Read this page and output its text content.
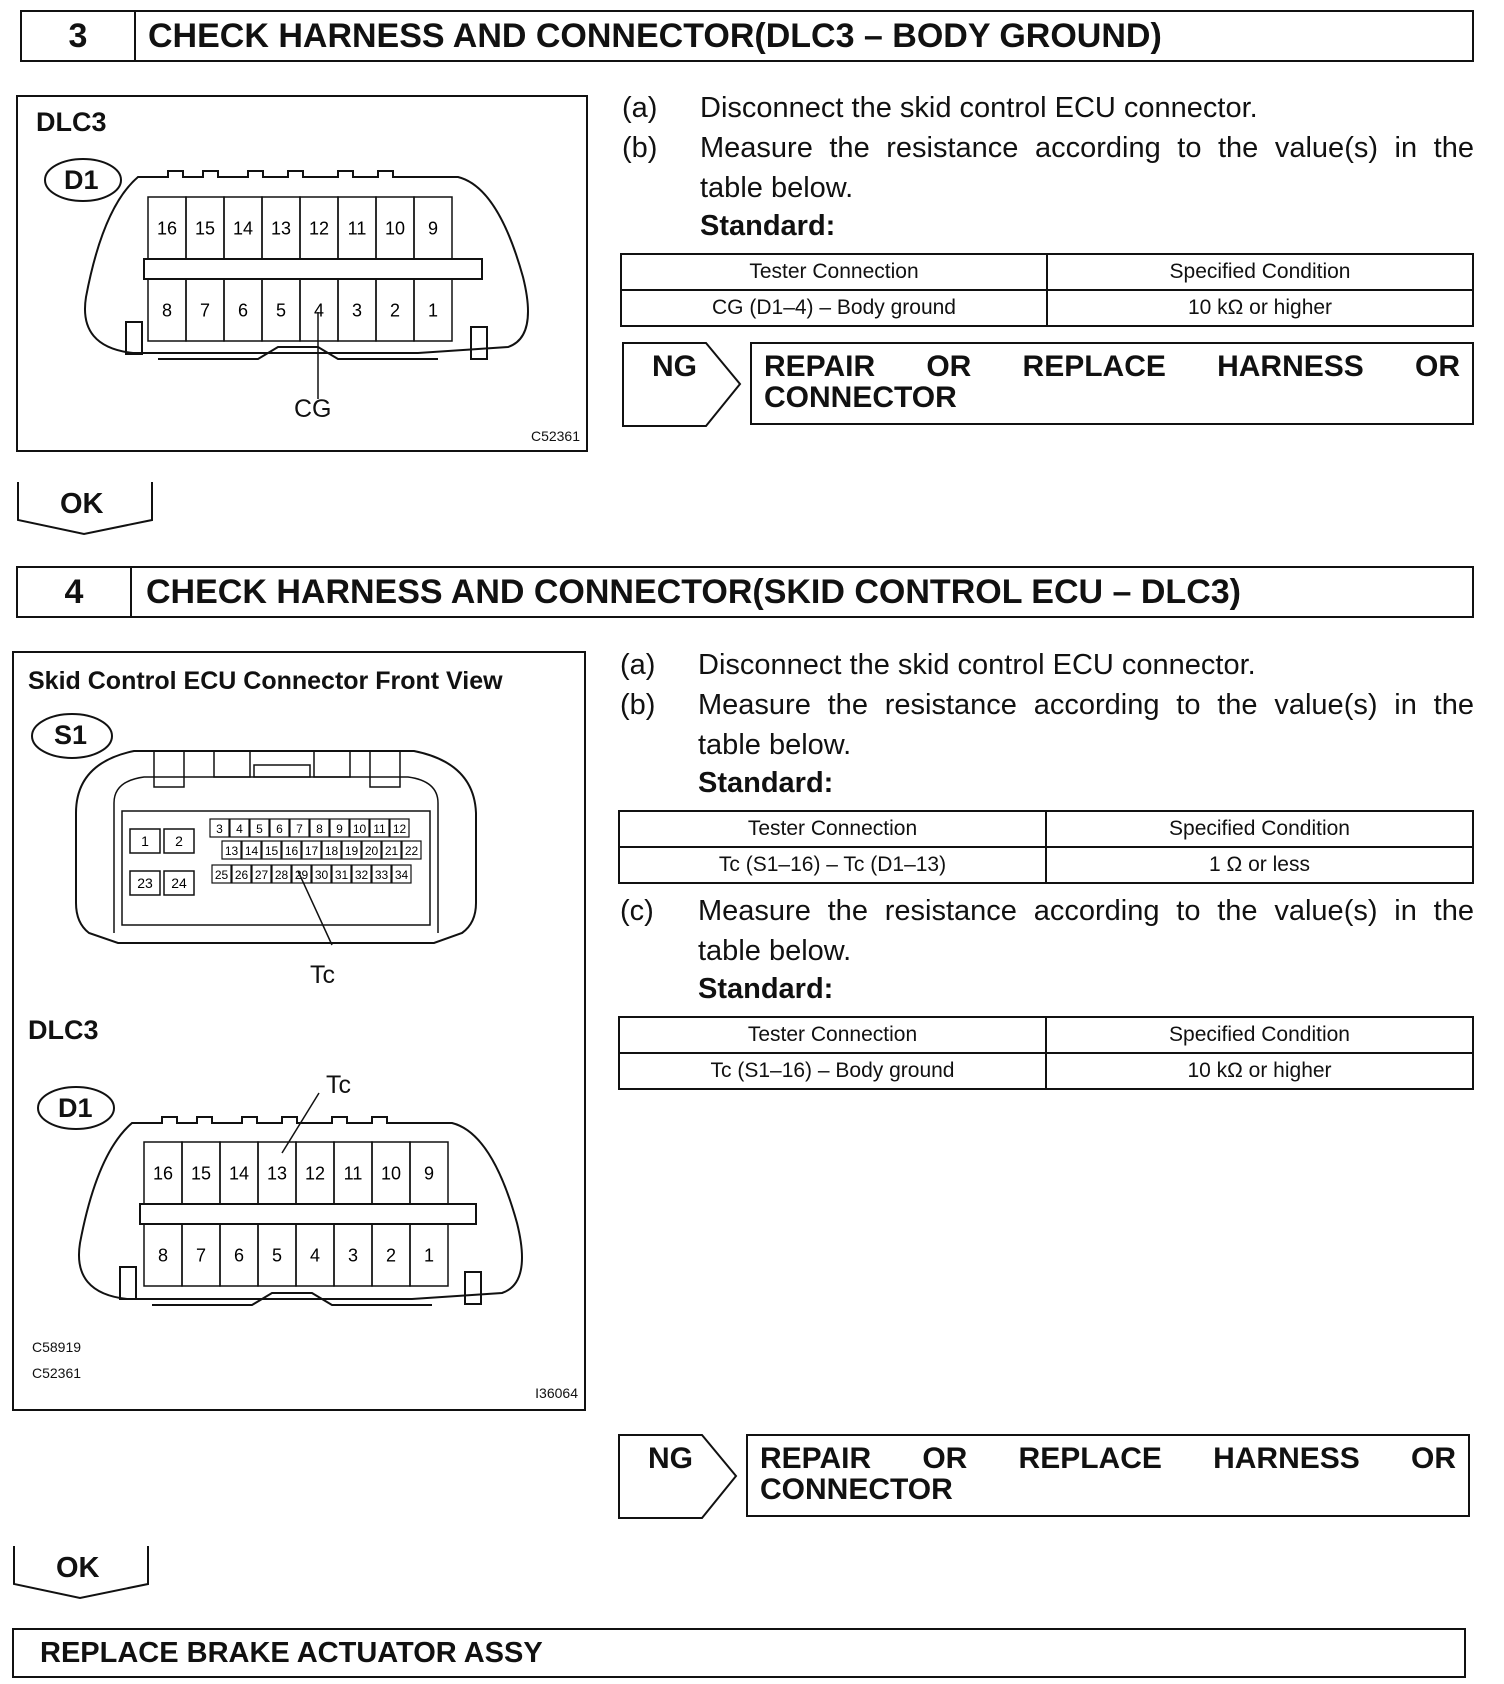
3	CHECK HARNESS AND CONNECTOR(DLC3 – BODY GROUND)
16 15 14 13 12 11 10 9
8 7 6 5 4 3 2 1
DLC3
D1
CG
C52361
(a) Disconnect the skid control ECU connector.
(b) Measure the resistance according to the value(s) in the table below.
Standard:
Tester Connection	Specified Condition
CG (D1–4) – Body ground	10 kΩ or higher
NG REPAIR OR REPLACE HARNESS OR
CONNECTOR
OK
4	CHECK HARNESS AND CONNECTOR(SKID CONTROL ECU – DLC3)
1 2
23 24
3 4 5 6 7 8 9 10 11 12
13 14 15 16 17 18 19 20 21 22
25 26 27 28 29 30 31 32 33 34
16 15 14 13 12 11 10 9
8 7 6 5 4 3 2 1
Skid Control ECU Connector Front View
S1
Tc
DLC3
D1
Tc
C58919
C52361
I36064
(a) Disconnect the skid control ECU connector.
(b) Measure the resistance according to the value(s) in the table below.
Standard:
Tester Connection	Specified Condition
Tc (S1–16) – Tc (D1–13)	1 Ω or less
(c) Measure the resistance according to the value(s) in the table below.
Standard:
Tester Connection	Specified Condition
Tc (S1–16) – Body ground	10 kΩ or higher
NG REPAIR OR REPLACE HARNESS OR
CONNECTOR
OK
REPLACE BRAKE ACTUATOR ASSY
